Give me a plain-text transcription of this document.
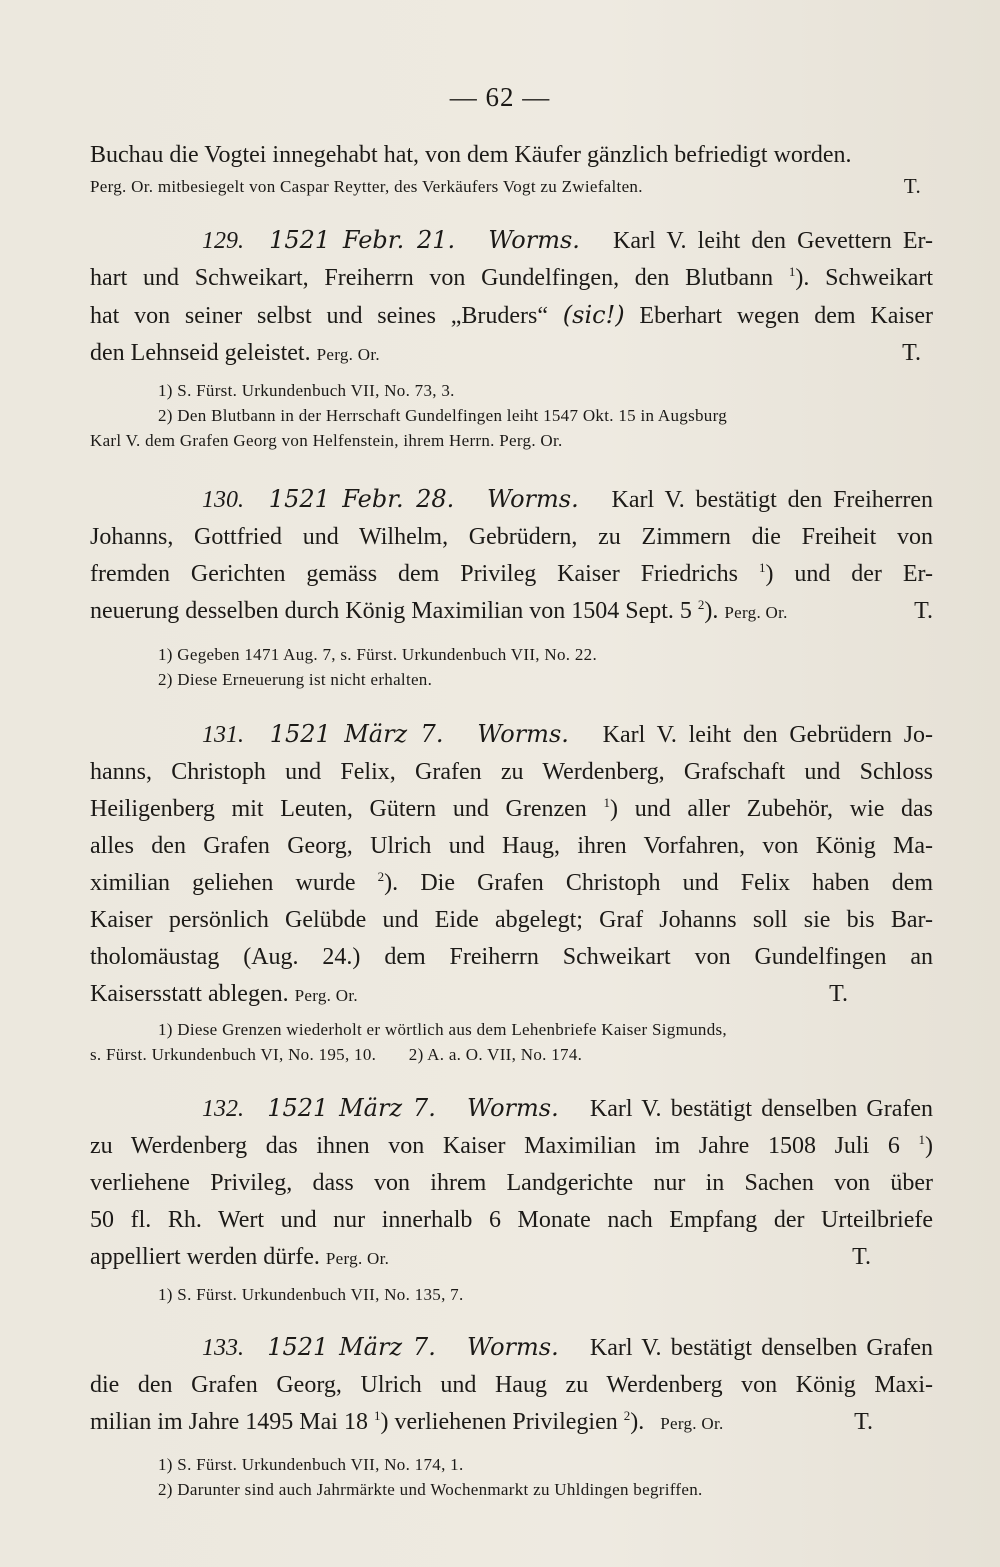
— 62 —
Buchau die Vogtei innegehabt hat, von dem Käufer gänzlich befriedigt worden.
Perg. Or. mitbesiegelt von Caspar Reytter, des Verkäufers Vogt zu Zwiefalten.	T.
129. 1521 Febr. 21. Worms. Karl V. leiht den Gevettern Er-
hart und Schweikart, Freiherrn von Gundelfingen, den Blutbann $^1$). Schweikart
hat von seiner selbst und seines „Bruders“ (sic!) Eberhart wegen dem Kaiser
den Lehnseid geleistet. Perg. Or.	T.
1) S. Fürst. Urkundenbuch VII, No. 73, 3.
2) Den Blutbann in der Herrschaft Gundelfingen leiht 1547 Okt. 15 in Augsburg
Karl V. dem Grafen Georg von Helfenstein, ihrem Herrn. Perg. Or.
130. 1521 Febr. 28. Worms. Karl V. bestätigt den Freiherren
Johanns, Gottfried und Wilhelm, Gebrüdern, zu Zimmern die Freiheit von
fremden Gerichten gemäss dem Privileg Kaiser Friedrichs $^1$) und der Er-
neuerung desselben durch König Maximilian von 1504 Sept. 5 $^2$). Perg. Or.	T.
1) Gegeben 1471 Aug. 7, s. Fürst. Urkundenbuch VII, No. 22.
2) Diese Erneuerung ist nicht erhalten.
131. 1521 März 7. Worms. Karl V. leiht den Gebrüdern Jo-
hanns, Christoph und Felix, Grafen zu Werdenberg, Grafschaft und Schloss
Heiligenberg mit Leuten, Gütern und Grenzen $^1$) und aller Zubehör, wie das
alles den Grafen Georg, Ulrich und Haug, ihren Vorfahren, von König Ma-
ximilian geliehen wurde $^2$). Die Grafen Christoph und Felix haben dem
Kaiser persönlich Gelübde und Eide abgelegt; Graf Johanns soll sie bis Bar-
tholomäustag (Aug. 24.) dem Freiherrn Schweikart von Gundelfingen an
Kaisersstatt ablegen. Perg. Or.	T.
1) Diese Grenzen wiederholt er wörtlich aus dem Lehenbriefe Kaiser Sigmunds,
s. Fürst. Urkundenbuch VI, No. 195, 10. 2) A. a. O. VII, No. 174.
132. 1521 März 7. Worms. Karl V. bestätigt denselben Grafen
zu Werdenberg das ihnen von Kaiser Maximilian im Jahre 1508 Juli 6 $^1$)
verliehene Privileg, dass von ihrem Landgerichte nur in Sachen von über
50 fl. Rh. Wert und nur innerhalb 6 Monate nach Empfang der Urteilbriefe
appelliert werden dürfe. Perg. Or.	T.
1) S. Fürst. Urkundenbuch VII, No. 135, 7.
133. 1521 März 7. Worms. Karl V. bestätigt denselben Grafen
die den Grafen Georg, Ulrich und Haug zu Werdenberg von König Maxi-
milian im Jahre 1495 Mai 18 $^1$) verliehenen Privilegien $^2$). Perg. Or.	T.
1) S. Fürst. Urkundenbuch VII, No. 174, 1.
2) Darunter sind auch Jahrmärkte und Wochenmarkt zu Uhldingen begriffen.
